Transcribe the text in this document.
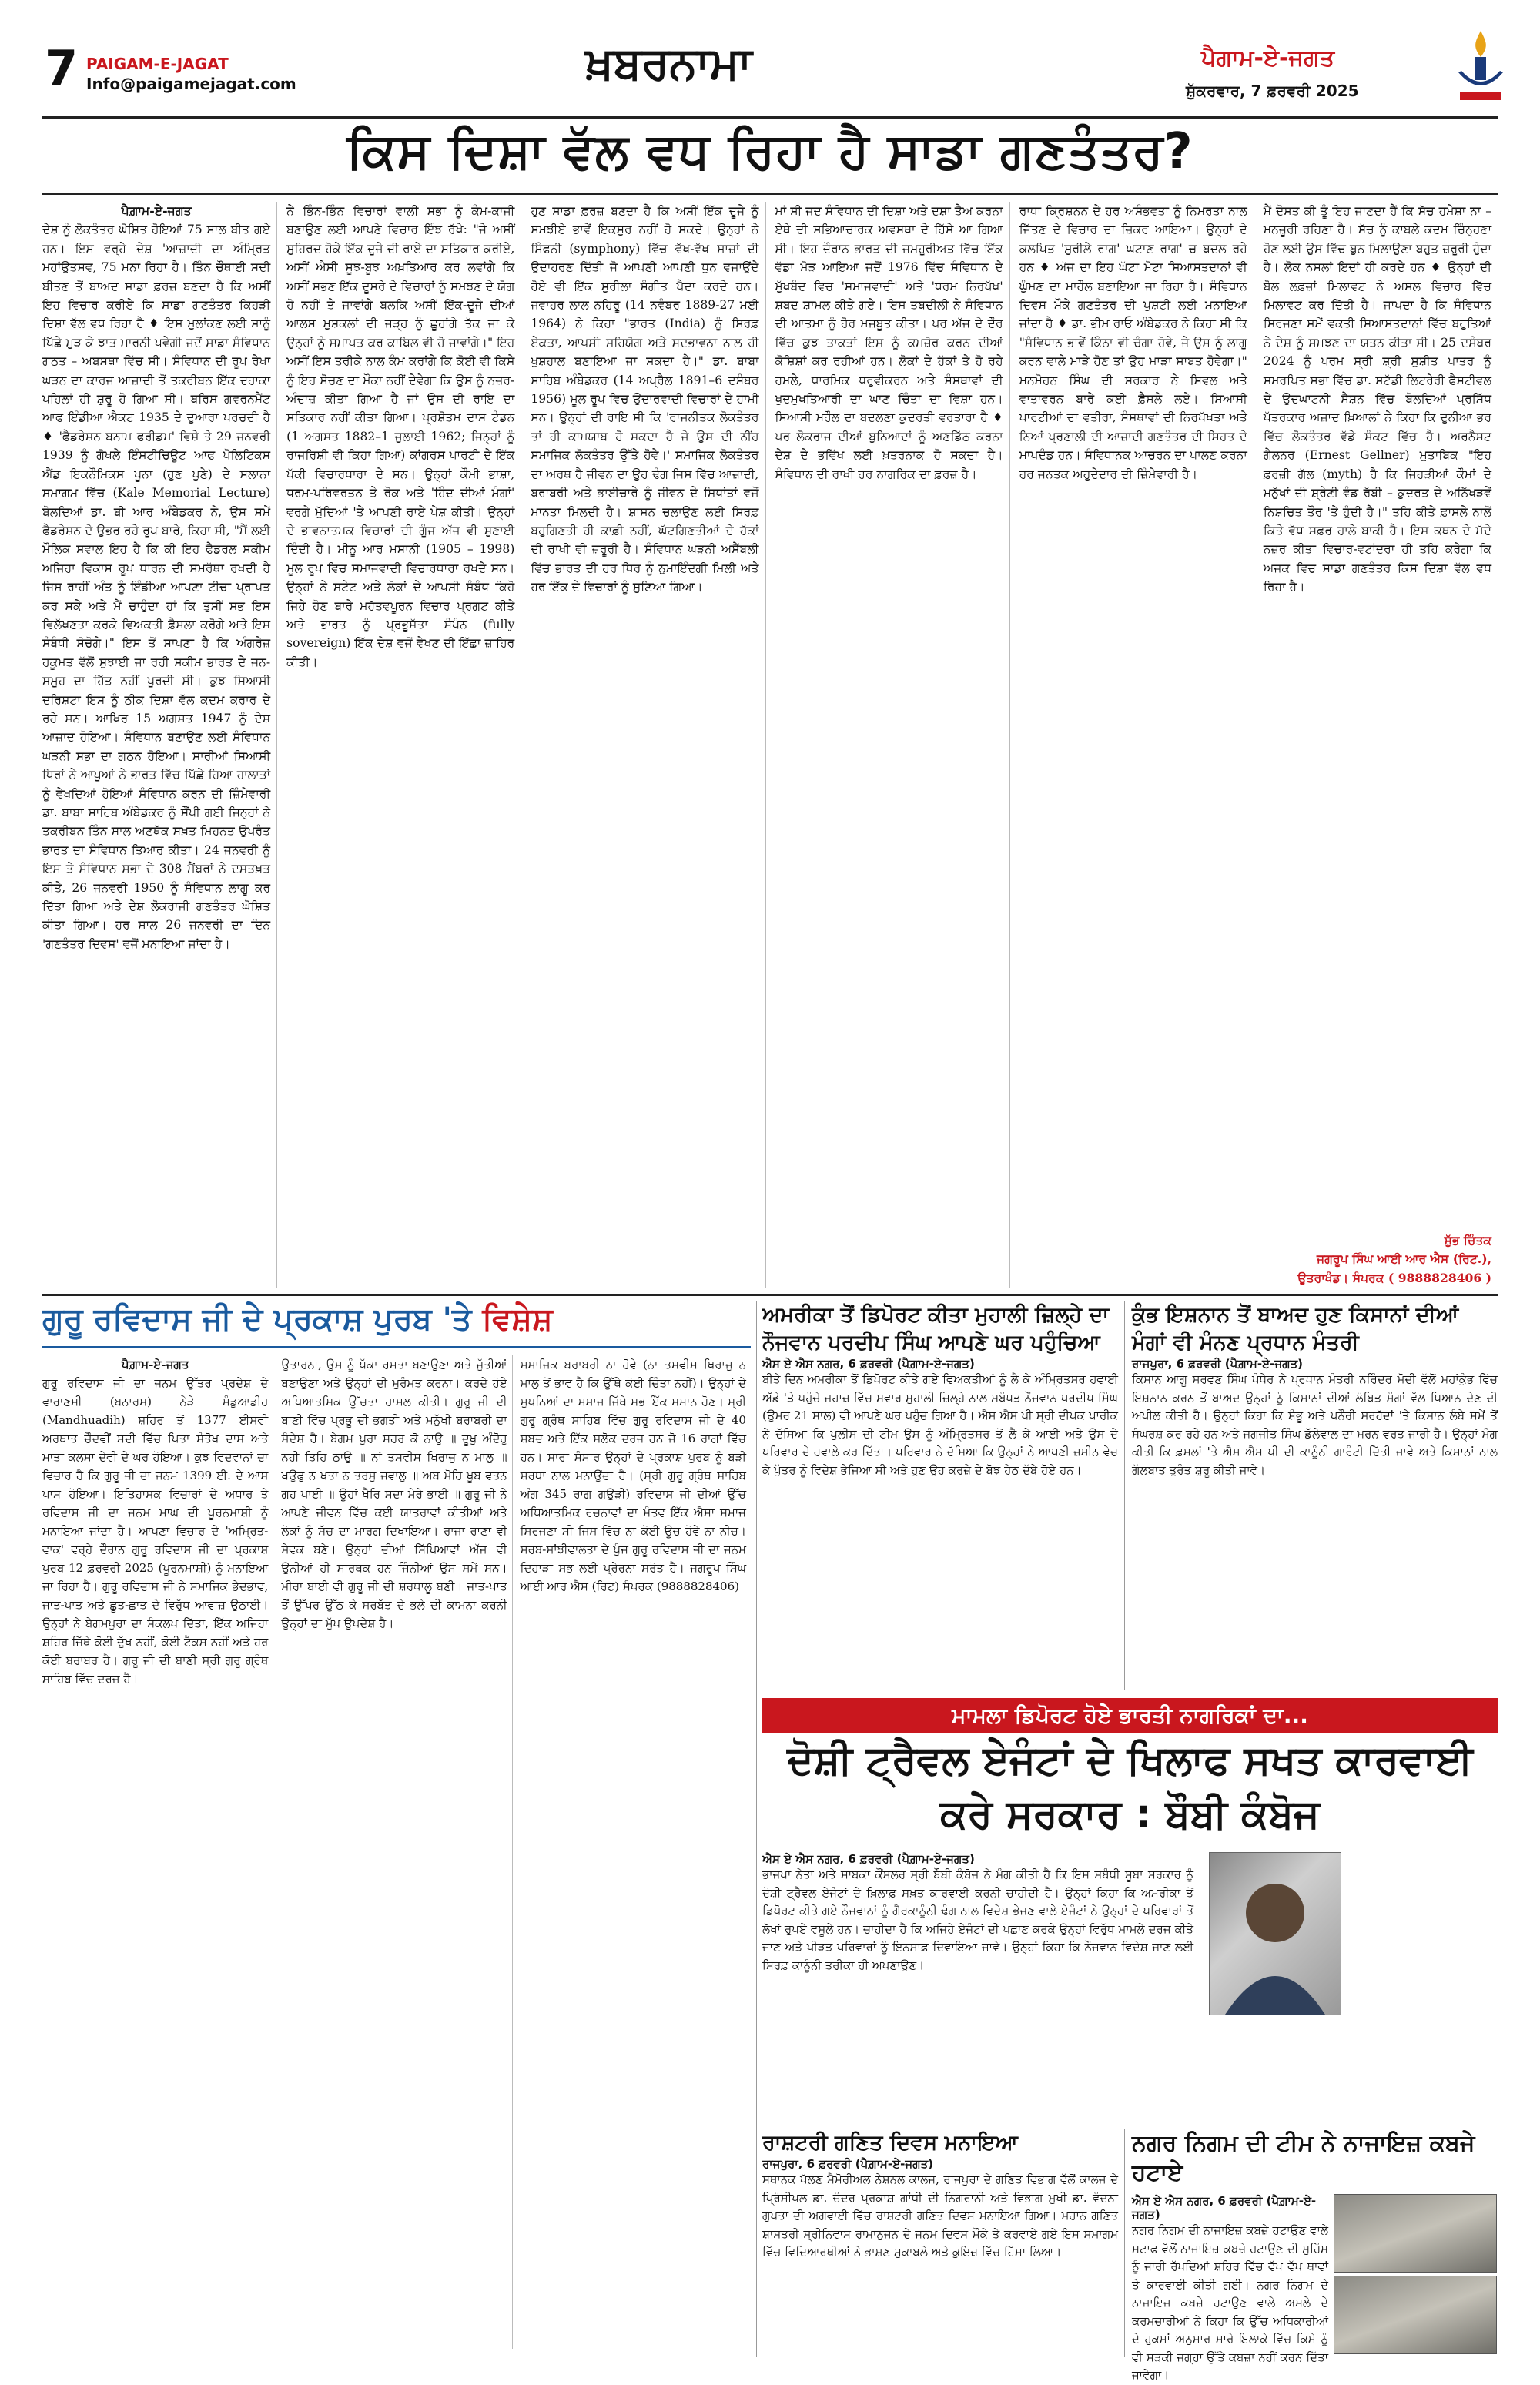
7 PAIGAM-E-JAGAT
Info@paigamejagat.com	ਖ਼ਬਰਨਾਮਾ	ਪੈਗਾਮ-ਏ-ਜਗਤ
ਸ਼ੁੱਕਰਵਾਰ, 7 ਫ਼ਰਵਰੀ 2025
ਕਿਸ ਦਿਸ਼ਾ ਵੱਲ ਵਧ ਰਿਹਾ ਹੈ ਸਾਡਾ ਗਣਤੰਤਰ?
ਪੈਗ਼ਾਮ-ਏ-ਜਗਤ
ਦੇਸ਼ ਨੂੰ ਲੋਕਤੰਤਰ ਘੋਸ਼ਿਤ ਹੋਇਆਂ 75 ਸਾਲ ਬੀਤ ਗਏ ਹਨ। ਇਸ ਵਰ੍ਹੇ ਦੇਸ਼ 'ਆਜ਼ਾਦੀ ਦਾ ਅੰਮ੍ਰਿਤ ਮਹਾਂਉਤਸਵ, 75 ਮਨਾ ਰਿਹਾ ਹੈ। ਤਿੰਨ ਚੌਥਾਈ ਸਦੀ ਬੀਤਣ ਤੋਂ ਬਾਅਦ ਸਾਡਾ ਫ਼ਰਜ਼ ਬਣਦਾ ਹੈ ਕਿ ਅਸੀਂ ਇਹ ਵਿਚਾਰ ਕਰੀਏ ਕਿ ਸਾਡਾ ਗਣਤੰਤਰ ਕਿਹੜੀ ਦਿਸ਼ਾ ਵੱਲ ਵਧ ਰਿਹਾ ਹੈ ♦ ਇਸ ਮੁਲਾਂਕਣ ਲਈ ਸਾਨੂੰ ਪਿੱਛੇ ਮੁੜ ਕੇ ਝਾਤ ਮਾਰਨੀ ਪਵੇਗੀ ਜਦੋਂ ਸਾਡਾ ਸੰਵਿਧਾਨ ਗਠਤ – ਅਬਸਥਾ ਵਿੱਚ ਸੀ। ਸੰਵਿਧਾਨ ਦੀ ਰੂਪ ਰੇਖਾ ਘੜਨ ਦਾ ਕਾਰਜ ਆਜ਼ਾਦੀ ਤੋਂ ਤਕਰੀਬਨ ਇੱਕ ਦਹਾਕਾ ਪਹਿਲਾਂ ਹੀ ਸ਼ੁਰੂ ਹੋ ਗਿਆ ਸੀ। ਬਰਿਸ ਗਵਰਨਮੈਂਟ ਆਫ ਇੰਡੀਆ ਐਕਟ 1935 ਦੇ ਦੁਆਰਾ ਪਰਚਦੀ ਹੈ ♦ 'ਫੈਡਰੇਸ਼ਨ ਬਨਾਮ ਫਰੀਡਮ' ਵਿਸ਼ੇ ਤੇ 29 ਜਨਵਰੀ 1939 ਨੂੰ ਗੋਖਲੇ ਇੰਸਟੀਚਿਊਟ ਆਫ ਪੋਲਿਟਿਕਸ ਐਂਡ ਇਕਨੌਮਿਕਸ ਪੂਨਾ (ਹੁਣ ਪੁਣੇ) ਦੇ ਸਲਾਨਾ ਸਮਾਗਮ ਵਿੱਚ (Kale Memorial Lecture) ਬੋਲਦਿਆਂ ਡਾ. ਬੀ ਆਰ ਅੰਬੇਡਕਰ ਨੇ, ਉਸ ਸਮੇਂ ਫੈਡਰੇਸ਼ਨ ਦੇ ਉਭਰ ਰਹੇ ਰੂਪ ਬਾਰੇ, ਕਿਹਾ ਸੀ, "ਮੈਂ ਲਈ ਮੌਲਿਕ ਸਵਾਲ ਇਹ ਹੈ ਕਿ ਕੀ ਇਹ ਫੈਡਰਲ ਸਕੀਮ ਅਜਿਹਾ ਵਿਕਾਸ ਰੂਪ ਧਾਰਨ ਦੀ ਸਮਰੱਥਾ ਰਖਦੀ ਹੈ ਜਿਸ ਰਾਹੀਂ ਅੰਤ ਨੂੰ ਇੰਡੀਆ ਆਪਣਾ ਟੀਚਾ ਪ੍ਰਾਪਤ ਕਰ ਸਕੇ ਅਤੇ ਮੈਂ ਚਾਹੁੰਦਾ ਹਾਂ ਕਿ ਤੁਸੀਂ ਸਭ ਇਸ ਵਿਲੱਖਣਤਾ ਕਰਕੇ ਵਿਅਕਤੀ ਫ਼ੈਸਲਾ ਕਰੋਗੇ ਅਤੇ ਇਸ ਸੰਬੰਧੀ ਸੋਚੋਗੇ।" ਇਸ ਤੋਂ ਸਾਪਣਾ ਹੈ ਕਿ ਅੰਗਰੇਜ਼ ਹਕੂਮਤ ਵੱਲੋਂ ਸੁਝਾਈ ਜਾ ਰਹੀ ਸਕੀਮ ਭਾਰਤ ਦੇ ਜਨ-ਸਮੂਹ ਦਾ ਹਿੱਤ ਨਹੀਂ ਪੂਰਦੀ ਸੀ। ਕੁਝ ਸਿਆਸੀ ਦਰਿਸ਼ਟਾ ਇਸ ਨੂੰ ਠੀਕ ਦਿਸ਼ਾ ਵੱਲ ਕਦਮ ਕਰਾਰ ਦੇ ਰਹੇ ਸਨ। ਆਖਿਰ 15 ਅਗਸਤ 1947 ਨੂੰ ਦੇਸ਼ ਆਜ਼ਾਦ ਹੋਇਆ। ਸੰਵਿਧਾਨ ਬਣਾਉਣ ਲਈ ਸੰਵਿਧਾਨ ਘੜਨੀ ਸਭਾ ਦਾ ਗਠਨ ਹੋਇਆ। ਸਾਰੀਆਂ ਸਿਆਸੀ ਧਿਰਾਂ ਨੇ ਆਪੂਆਂ ਨੇ ਭਾਰਤ ਵਿੱਚ ਪਿੱਛੇ ਹਿਆ ਹਾਲਾਤਾਂ ਨੂੰ ਵੇਖਦਿਆਂ ਹੋਇਆਂ ਸੰਵਿਧਾਨ ਕਰਨ ਦੀ ਜ਼ਿੰਮੇਵਾਰੀ ਡਾ. ਬਾਬਾ ਸਾਹਿਬ ਅੰਬੇਡਕਰ ਨੂੰ ਸੌਂਪੀ ਗਈ ਜਿਨ੍ਹਾਂ ਨੇ ਤਕਰੀਬਨ ਤਿੰਨ ਸਾਲ ਅਣਥੱਕ ਸਖ਼ਤ ਮਿਹਨਤ ਉਪਰੰਤ ਭਾਰਤ ਦਾ ਸੰਵਿਧਾਨ ਤਿਆਰ ਕੀਤਾ। 24 ਜਨਵਰੀ ਨੂੰ ਇਸ ਤੇ ਸੰਵਿਧਾਨ ਸਭਾ ਦੇ 308 ਮੈਂਬਰਾਂ ਨੇ ਦਸਤਖ਼ਤ ਕੀਤੇ, 26 ਜਨਵਰੀ 1950 ਨੂੰ ਸੰਵਿਧਾਨ ਲਾਗੂ ਕਰ ਦਿੱਤਾ ਗਿਆ ਅਤੇ ਦੇਸ਼ ਲੋਕਰਾਜੀ ਗਣਤੰਤਰ ਘੋਸ਼ਿਤ ਕੀਤਾ ਗਿਆ। ਹਰ ਸਾਲ 26 ਜਨਵਰੀ ਦਾ ਦਿਨ 'ਗਣਤੰਤਰ ਦਿਵਸ' ਵਜੋਂ ਮਨਾਇਆ ਜਾਂਦਾ ਹੈ।
ਨੇ ਭਿੰਨ-ਭਿੰਨ ਵਿਚਾਰਾਂ ਵਾਲੀ ਸਭਾ ਨੂੰ ਕੰਮ-ਕਾਜੀ ਬਣਾਉਣ ਲਈ ਆਪਣੇ ਵਿਚਾਰ ਇੰਝ ਰੱਖੇ: "ਜੇ ਅਸੀਂ ਸੁਹਿਰਦ ਹੋਕੇ ਇੱਕ ਦੂਜੇ ਦੀ ਰਾਏ ਦਾ ਸਤਿਕਾਰ ਕਰੀਏ, ਅਸੀਂ ਐਸੀ ਸੂਝ-ਬੂਝ ਅਖ਼ਤਿਆਰ ਕਰ ਲਵਾਂਗੇ ਕਿ ਅਸੀਂ ਸਭਣ ਇੱਕ ਦੂਸਰੇ ਦੇ ਵਿਚਾਰਾਂ ਨੂੰ ਸਮਝਣ ਦੇ ਯੋਗ ਹੋ ਨਹੀਂ ਤੇ ਜਾਵਾਂਗੇ ਬਲਕਿ ਅਸੀਂ ਇੱਕ-ਦੂਜੇ ਦੀਆਂ ਆਲਸ ਮੁਸ਼ਕਲਾਂ ਦੀ ਜੜ੍ਹ ਨੂੰ ਛੂਹਾਂਗੇ ਤੱਕ ਜਾ ਕੇ ਉਨ੍ਹਾਂ ਨੂੰ ਸਮਾਪਤ ਕਰ ਕਾਬਿਲ ਵੀ ਹੋ ਜਾਵਾਂਗੇ।" ਇਹ ਅਸੀਂ ਇਸ ਤਰੀਕੇ ਨਾਲ ਕੰਮ ਕਰਾਂਗੇ ਕਿ ਕੋਈ ਵੀ ਕਿਸੇ ਨੂੰ ਇਹ ਸੋਚਣ ਦਾ ਮੌਕਾ ਨਹੀਂ ਦੇਵੇਗਾ ਕਿ ਉਸ ਨੂੰ ਨਜ਼ਰ-ਅੰਦਾਜ਼ ਕੀਤਾ ਗਿਆ ਹੈ ਜਾਂ ਉਸ ਦੀ ਰਾਇ ਦਾ ਸਤਿਕਾਰ ਨਹੀਂ ਕੀਤਾ ਗਿਆ। ਪ੍ਰਸ਼ੋਤਮ ਦਾਸ ਟੰਡਨ (1 ਅਗਸਤ 1882–1 ਜੁਲਾਈ 1962; ਜਿਨ੍ਹਾਂ ਨੂੰ ਰਾਜਰਿਸ਼ੀ ਵੀ ਕਿਹਾ ਗਿਆ) ਕਾਂਗਰਸ ਪਾਰਟੀ ਦੇ ਇੱਕ ਪੱਕੀ ਵਿਚਾਰਧਾਰਾ ਦੇ ਸਨ। ਉਨ੍ਹਾਂ ਕੌਮੀ ਭਾਸ਼ਾ, ਧਰਮ-ਪਰਿਵਰਤਨ ਤੇ ਰੋਕ ਅਤੇ 'ਹਿੰਦ ਦੀਆਂ ਮੰਗਾਂ' ਵਰਗੇ ਮੁੱਦਿਆਂ 'ਤੇ ਆਪਣੀ ਰਾਏ ਪੇਸ਼ ਕੀਤੀ। ਉਨ੍ਹਾਂ ਦੇ ਭਾਵਨਾਤਮਕ ਵਿਚਾਰਾਂ ਦੀ ਗੂੰਜ ਅੱਜ ਵੀ ਸੁਣਾਈ ਦਿੰਦੀ ਹੈ। ਮੀਨੂ ਆਰ ਮਸਾਨੀ (1905 – 1998) ਮੂਲ ਰੂਪ ਵਿਚ ਸਮਾਜਵਾਦੀ ਵਿਚਾਰਧਾਰਾ ਰਖਦੇ ਸਨ। ਉਨ੍ਹਾਂ ਨੇ ਸਟੇਟ ਅਤੇ ਲੋਕਾਂ ਦੇ ਆਪਸੀ ਸੰਬੰਧ ਕਿਹੋ ਜਿਹੇ ਹੋਣ ਬਾਰੇ ਮਹੱਤਵਪੂਰਨ ਵਿਚਾਰ ਪ੍ਰਗਟ ਕੀਤੇ ਅਤੇ ਭਾਰਤ ਨੂੰ ਪ੍ਰਭੂਸੱਤਾ ਸੰਪੰਨ (fully sovereign) ਇੱਕ ਦੇਸ਼ ਵਜੋਂ ਵੇਖਣ ਦੀ ਇੱਛਾ ਜ਼ਾਹਿਰ ਕੀਤੀ।
ਹੁਣ ਸਾਡਾ ਫ਼ਰਜ਼ ਬਣਦਾ ਹੈ ਕਿ ਅਸੀਂ ਇੱਕ ਦੂਜੇ ਨੂੰ ਸਮਝੀਏ ਭਾਵੇਂ ਇਕਸੁਰ ਨਹੀਂ ਹੋ ਸਕਦੇ। ਉਨ੍ਹਾਂ ਨੇ ਸਿੰਫਨੀ (symphony) ਵਿੱਚ ਵੱਖ-ਵੱਖ ਸਾਜ਼ਾਂ ਦੀ ਉਦਾਹਰਣ ਦਿੱਤੀ ਜੋ ਆਪਣੀ ਆਪਣੀ ਧੁਨ ਵਜਾਉਂਦੇ ਹੋਏ ਵੀ ਇੱਕ ਸੁਰੀਲਾ ਸੰਗੀਤ ਪੈਦਾ ਕਰਦੇ ਹਨ। ਜਵਾਹਰ ਲਾਲ ਨਹਿਰੂ (14 ਨਵੰਬਰ 1889-27 ਮਈ 1964) ਨੇ ਕਿਹਾ "ਭਾਰਤ (India) ਨੂੰ ਸਿਰਫ਼ ਏਕਤਾ, ਆਪਸੀ ਸਹਿਯੋਗ ਅਤੇ ਸਦਭਾਵਨਾ ਨਾਲ ਹੀ ਖੁਸ਼ਹਾਲ ਬਣਾਇਆ ਜਾ ਸਕਦਾ ਹੈ।" ਡਾ. ਬਾਬਾ ਸਾਹਿਬ ਅੰਬੇਡਕਰ (14 ਅਪ੍ਰੈਲ 1891–6 ਦਸੰਬਰ 1956) ਮੂਲ ਰੂਪ ਵਿਚ ਉਦਾਰਵਾਦੀ ਵਿਚਾਰਾਂ ਦੇ ਹਾਮੀ ਸਨ। ਉਨ੍ਹਾਂ ਦੀ ਰਾਇ ਸੀ ਕਿ 'ਰਾਜਨੀਤਕ ਲੋਕਤੰਤਰ ਤਾਂ ਹੀ ਕਾਮਯਾਬ ਹੋ ਸਕਦਾ ਹੈ ਜੇ ਉਸ ਦੀ ਨੀਂਹ ਸਮਾਜਿਕ ਲੋਕਤੰਤਰ ਉੱਤੇ ਹੋਵੇ।' ਸਮਾਜਿਕ ਲੋਕਤੰਤਰ ਦਾ ਅਰਥ ਹੈ ਜੀਵਨ ਦਾ ਉਹ ਢੰਗ ਜਿਸ ਵਿੱਚ ਆਜ਼ਾਦੀ, ਬਰਾਬਰੀ ਅਤੇ ਭਾਈਚਾਰੇ ਨੂੰ ਜੀਵਨ ਦੇ ਸਿਧਾਂਤਾਂ ਵਜੋਂ ਮਾਨਤਾ ਮਿਲਦੀ ਹੈ। ਸ਼ਾਸਨ ਚਲਾਉਣ ਲਈ ਸਿਰਫ਼ ਬਹੁਗਿਣਤੀ ਹੀ ਕਾਫ਼ੀ ਨਹੀਂ, ਘੱਟਗਿਣਤੀਆਂ ਦੇ ਹੱਕਾਂ ਦੀ ਰਾਖੀ ਵੀ ਜ਼ਰੂਰੀ ਹੈ। ਸੰਵਿਧਾਨ ਘੜਨੀ ਅਸੈਂਬਲੀ ਵਿੱਚ ਭਾਰਤ ਦੀ ਹਰ ਧਿਰ ਨੂੰ ਨੁਮਾਇੰਦਗੀ ਮਿਲੀ ਅਤੇ ਹਰ ਇੱਕ ਦੇ ਵਿਚਾਰਾਂ ਨੂੰ ਸੁਣਿਆ ਗਿਆ।
ਮਾਂ ਸੀ ਜਦ ਸੰਵਿਧਾਨ ਦੀ ਦਿਸ਼ਾ ਅਤੇ ਦਸ਼ਾ ਤੈਅ ਕਰਨਾ ਏਥੇ ਦੀ ਸਭਿਆਚਾਰਕ ਅਵਸਥਾ ਦੇ ਹਿੱਸੇ ਆ ਗਿਆ ਸੀ। ਇਹ ਦੌਰਾਨ ਭਾਰਤ ਦੀ ਜਮਹੂਰੀਅਤ ਵਿੱਚ ਇੱਕ ਵੱਡਾ ਮੋੜ ਆਇਆ ਜਦੋਂ 1976 ਵਿੱਚ ਸੰਵਿਧਾਨ ਦੇ ਮੁੱਖਬੰਦ ਵਿਚ 'ਸਮਾਜਵਾਦੀ' ਅਤੇ 'ਧਰਮ ਨਿਰਪੱਖ' ਸ਼ਬਦ ਸ਼ਾਮਲ ਕੀਤੇ ਗਏ। ਇਸ ਤਬਦੀਲੀ ਨੇ ਸੰਵਿਧਾਨ ਦੀ ਆਤਮਾ ਨੂੰ ਹੋਰ ਮਜ਼ਬੂਤ ਕੀਤਾ। ਪਰ ਅੱਜ ਦੇ ਦੌਰ ਵਿੱਚ ਕੁਝ ਤਾਕਤਾਂ ਇਸ ਨੂੰ ਕਮਜ਼ੋਰ ਕਰਨ ਦੀਆਂ ਕੋਸ਼ਿਸ਼ਾਂ ਕਰ ਰਹੀਆਂ ਹਨ। ਲੋਕਾਂ ਦੇ ਹੱਕਾਂ ਤੇ ਹੋ ਰਹੇ ਹਮਲੇ, ਧਾਰਮਿਕ ਧਰੁਵੀਕਰਨ ਅਤੇ ਸੰਸਥਾਵਾਂ ਦੀ ਖੁਦਮੁਖਤਿਆਰੀ ਦਾ ਘਾਣ ਚਿੰਤਾ ਦਾ ਵਿਸ਼ਾ ਹਨ। ਸਿਆਸੀ ਮਹੌਲ ਦਾ ਬਦਲਣਾ ਕੁਦਰਤੀ ਵਰਤਾਰਾ ਹੈ ♦ ਪਰ ਲੋਕਰਾਜ ਦੀਆਂ ਬੁਨਿਆਦਾਂ ਨੂੰ ਅਣਡਿੱਠ ਕਰਨਾ ਦੇਸ਼ ਦੇ ਭਵਿੱਖ ਲਈ ਖ਼ਤਰਨਾਕ ਹੋ ਸਕਦਾ ਹੈ। ਸੰਵਿਧਾਨ ਦੀ ਰਾਖੀ ਹਰ ਨਾਗਰਿਕ ਦਾ ਫ਼ਰਜ਼ ਹੈ।
ਰਾਧਾ ਕ੍ਰਿਸ਼ਨਨ ਦੇ ਹਰ ਅਸੰਭਵਤਾ ਨੂੰ ਨਿਮਰਤਾ ਨਾਲ ਜਿੱਤਣ ਦੇ ਵਿਚਾਰ ਦਾ ਜ਼ਿਕਰ ਆਇਆ। ਉਨ੍ਹਾਂ ਦੇ ਕਲਪਿਤ 'ਸੁਰੀਲੇ ਰਾਗ' ਘਟਾਣ ਰਾਗ' ਚ ਬਦਲ ਰਹੇ ਹਨ ♦ ਅੱਜ ਦਾ ਇਹ ਘੱਟਾ ਮੋਟਾ ਸਿਆਸਤਦਾਨਾਂ ਵੀ ਘੁੰਮਣ ਦਾ ਮਾਹੌਲ ਬਣਾਇਆ ਜਾ ਰਿਹਾ ਹੈ। ਸੰਵਿਧਾਨ ਦਿਵਸ ਮੌਕੇ ਗਣਤੰਤਰ ਦੀ ਪੁਸ਼ਟੀ ਲਈ ਮਨਾਇਆ ਜਾਂਦਾ ਹੈ ♦ ਡਾ. ਭੀਮ ਰਾਓ ਅੰਬੇਡਕਰ ਨੇ ਕਿਹਾ ਸੀ ਕਿ "ਸੰਵਿਧਾਨ ਭਾਵੇਂ ਕਿੰਨਾ ਵੀ ਚੰਗਾ ਹੋਵੇ, ਜੇ ਉਸ ਨੂੰ ਲਾਗੂ ਕਰਨ ਵਾਲੇ ਮਾੜੇ ਹੋਣ ਤਾਂ ਉਹ ਮਾੜਾ ਸਾਬਤ ਹੋਵੇਗਾ।" ਮਨਮੋਹਨ ਸਿੰਘ ਦੀ ਸਰਕਾਰ ਨੇ ਸਿਵਲ ਅਤੇ ਵਾਤਾਵਰਨ ਬਾਰੇ ਕਈ ਫ਼ੈਸਲੇ ਲਏ। ਸਿਆਸੀ ਪਾਰਟੀਆਂ ਦਾ ਵਤੀਰਾ, ਸੰਸਥਾਵਾਂ ਦੀ ਨਿਰਪੱਖਤਾ ਅਤੇ ਨਿਆਂ ਪ੍ਰਣਾਲੀ ਦੀ ਆਜ਼ਾਦੀ ਗਣਤੰਤਰ ਦੀ ਸਿਹਤ ਦੇ ਮਾਪਦੰਡ ਹਨ। ਸੰਵਿਧਾਨਕ ਆਚਰਨ ਦਾ ਪਾਲਣ ਕਰਨਾ ਹਰ ਜਨਤਕ ਅਹੁਦੇਦਾਰ ਦੀ ਜ਼ਿੰਮੇਵਾਰੀ ਹੈ।
ਮੈਂ ਦੋਸਤ ਕੀ ਤੂੰ ਇਹ ਜਾਣਦਾ ਹੈਂ ਕਿ ਸੱਚ ਹਮੇਸ਼ਾ ਨਾ – ਮਨਜ਼ੂਰੀ ਰਹਿਣਾ ਹੈ। ਸੱਚ ਨੂੰ ਕਾਬਲੇ ਕਦਮ ਚਿੰਨ੍ਹਣਾ ਹੋਣ ਲਈ ਉਸ ਵਿੱਚ ਬੁਨ ਮਿਲਾਉਣਾ ਬਹੁਤ ਜ਼ਰੂਰੀ ਹੁੰਦਾ ਹੈ। ਲੋਕ ਨਸਲਾਂ ਇਦਾਂ ਹੀ ਕਰਦੇ ਹਨ ♦ ਉਨ੍ਹਾਂ ਦੀ ਬੋਲ ਲਫ਼ਜ਼ਾਂ ਮਿਲਾਵਟ ਨੇ ਅਸਲ ਵਿਚਾਰ ਵਿੱਚ ਮਿਲਾਵਟ ਕਰ ਦਿੱਤੀ ਹੈ। ਜਾਪਦਾ ਹੈ ਕਿ ਸੰਵਿਧਾਨ ਸਿਰਜਣਾ ਸਮੇਂ ਵਕਤੀ ਸਿਆਸਤਦਾਨਾਂ ਵਿੱਚ ਬਹੁਤਿਆਂ ਨੇ ਦੇਸ਼ ਨੂੰ ਸਮਝਣ ਦਾ ਯਤਨ ਕੀਤਾ ਸੀ। 25 ਦਸੰਬਰ 2024 ਨੂੰ ਪਰਮ ਸ੍ਰੀ ਸ਼੍ਰੀ ਸੁਸ਼ੀਤ ਪਾਤਰ ਨੂੰ ਸਮਰਪਿਤ ਸਭਾ ਵਿੱਚ ਡਾ. ਸਟੱਡੀ ਲਿਟਰੇਰੀ ਫੈਸਟੀਵਲ ਦੇ ਉਦਘਾਟਨੀ ਸੈਸ਼ਨ ਵਿੱਚ ਬੋਲਦਿਆਂ ਪ੍ਰਸਿੱਧ ਪੱਤਰਕਾਰ ਅਜ਼ਾਦ ਖ਼ਿਆਲਾਂ ਨੇ ਕਿਹਾ ਕਿ ਦੁਨੀਆ ਭਰ ਵਿੱਚ ਲੋਕਤੰਤਰ ਵੱਡੇ ਸੰਕਟ ਵਿੱਚ ਹੈ। ਅਰਨੈਸਟ ਗੈਲਨਰ (Ernest Gellner) ਮੁਤਾਬਿਕ "ਇਹ ਫ਼ਰਜ਼ੀ ਗੱਲ (myth) ਹੈ ਕਿ ਜਿਹੜੀਆਂ ਕੌਮਾਂ ਦੇ ਮਨੁੱਖਾਂ ਦੀ ਸ਼੍ਰੇਣੀ ਵੰਡ ਰੱਬੀ – ਕੁਦਰਤ ਦੇ ਅਨਿੱਖੜਵੇਂ ਨਿਸ਼ਚਿਤ ਤੌਰ 'ਤੇ ਹੁੰਦੀ ਹੈ।" ਤਹਿ ਕੀਤੇ ਫ਼ਾਸਲੇ ਨਾਲੋਂ ਕਿਤੇ ਵੱਧ ਸਫ਼ਰ ਹਾਲੇ ਬਾਕੀ ਹੈ। ਇਸ ਕਥਨ ਦੇ ਮੱਦੇ ਨਜ਼ਰ ਕੀਤਾ ਵਿਚਾਰ-ਵਟਾਂਦਰਾ ਹੀ ਤਹਿ ਕਰੇਗਾ ਕਿ ਅਜਕ ਵਿਚ ਸਾਡਾ ਗਣਤੰਤਰ ਕਿਸ ਦਿਸ਼ਾ ਵੱਲ ਵਧ ਰਿਹਾ ਹੈ।
ਸ਼ੁੱਭ ਚਿੰਤਕ
ਜਗਰੂਪ ਸਿੰਘ ਆਈ ਆਰ ਐਸ (ਰਿਟ.), ਉਤਰਾਖੰਡ। ਸੰਪਰਕ ( 9888828406 )
ਗੁਰੂ ਰਵਿਦਾਸ ਜੀ ਦੇ ਪ੍ਰਕਾਸ਼ ਪੁਰਬ 'ਤੇ ਵਿਸ਼ੇਸ਼
ਪੈਗ਼ਾਮ-ਏ-ਜਗਤ
ਗੁਰੂ ਰਵਿਦਾਸ ਜੀ ਦਾ ਜਨਮ ਉੱਤਰ ਪ੍ਰਦੇਸ਼ ਦੇ ਵਾਰਾਣਸੀ (ਬਨਾਰਸ) ਨੇੜੇ ਮੰਡੁਆਡੀਹ (Mandhuadih) ਸ਼ਹਿਰ ਤੋਂ 1377 ਈਸਵੀ ਅਰਥਾਤ ਚੌਦਵੀਂ ਸਦੀ ਵਿੱਚ ਪਿਤਾ ਸੰਤੋਖ ਦਾਸ ਅਤੇ ਮਾਤਾ ਕਲਸਾ ਦੇਵੀ ਦੇ ਘਰ ਹੋਇਆ। ਕੁਝ ਵਿਦਵਾਨਾਂ ਦਾ ਵਿਚਾਰ ਹੈ ਕਿ ਗੁਰੂ ਜੀ ਦਾ ਜਨਮ 1399 ਈ. ਦੇ ਆਸ ਪਾਸ ਹੋਇਆ। ਇਤਿਹਾਸਕ ਵਿਚਾਰਾਂ ਦੇ ਅਧਾਰ ਤੇ ਰਵਿਦਾਸ ਜੀ ਦਾ ਜਨਮ ਮਾਘ ਦੀ ਪੂਰਨਮਾਸ਼ੀ ਨੂੰ ਮਨਾਇਆ ਜਾਂਦਾ ਹੈ। ਆਪਣਾ ਵਿਚਾਰ ਦੇ 'ਅਮ੍ਰਿਤ-ਵਾਕ' ਵਰ੍ਹੇ ਦੌਰਾਨ ਗੁਰੂ ਰਵਿਦਾਸ ਜੀ ਦਾ ਪ੍ਰਕਾਸ਼ ਪੁਰਬ 12 ਫ਼ਰਵਰੀ 2025 (ਪੂਰਨਮਾਸ਼ੀ) ਨੂੰ ਮਨਾਇਆ ਜਾ ਰਿਹਾ ਹੈ। ਗੁਰੂ ਰਵਿਦਾਸ ਜੀ ਨੇ ਸਮਾਜਿਕ ਭੇਦਭਾਵ, ਜਾਤ-ਪਾਤ ਅਤੇ ਛੂਤ-ਛਾਤ ਦੇ ਵਿਰੁੱਧ ਆਵਾਜ਼ ਉਠਾਈ। ਉਨ੍ਹਾਂ ਨੇ ਬੇਗਮਪੁਰਾ ਦਾ ਸੰਕਲਪ ਦਿੱਤਾ, ਇੱਕ ਅਜਿਹਾ ਸ਼ਹਿਰ ਜਿੱਥੇ ਕੋਈ ਦੁੱਖ ਨਹੀਂ, ਕੋਈ ਟੈਕਸ ਨਹੀਂ ਅਤੇ ਹਰ ਕੋਈ ਬਰਾਬਰ ਹੈ। ਗੁਰੂ ਜੀ ਦੀ ਬਾਣੀ ਸ੍ਰੀ ਗੁਰੂ ਗ੍ਰੰਥ ਸਾਹਿਬ ਵਿੱਚ ਦਰਜ ਹੈ।
ਉਤਾਰਨਾ, ਉਸ ਨੂੰ ਪੱਕਾ ਰਸਤਾ ਬਣਾਉਣਾ ਅਤੇ ਜੁੱਤੀਆਂ ਬਣਾਉਣਾ ਅਤੇ ਉਨ੍ਹਾਂ ਦੀ ਮੁਰੰਮਤ ਕਰਨਾ। ਕਰਦੇ ਹੋਏ ਅਧਿਆਤਮਿਕ ਉੱਚਤਾ ਹਾਸਲ ਕੀਤੀ। ਗੁਰੂ ਜੀ ਦੀ ਬਾਣੀ ਵਿੱਚ ਪ੍ਰਭੂ ਦੀ ਭਗਤੀ ਅਤੇ ਮਨੁੱਖੀ ਬਰਾਬਰੀ ਦਾ ਸੰਦੇਸ਼ ਹੈ। ਬੇਗਮ ਪੁਰਾ ਸਹਰ ਕੋ ਨਾਉ ॥ ਦੂਖੁ ਅੰਦੋਹੁ ਨਹੀ ਤਿਹਿ ਠਾਉ ॥ ਨਾਂ ਤਸਵੀਸ ਖਿਰਾਜੁ ਨ ਮਾਲੁ ॥ ਖਉਫੁ ਨ ਖਤਾ ਨ ਤਰਸੁ ਜਵਾਲੁ ॥ ਅਬ ਮੋਹਿ ਖੂਬ ਵਤਨ ਗਹ ਪਾਈ ॥ ਊਹਾਂ ਖੈਰਿ ਸਦਾ ਮੇਰੇ ਭਾਈ ॥ ਗੁਰੂ ਜੀ ਨੇ ਆਪਣੇ ਜੀਵਨ ਵਿੱਚ ਕਈ ਯਾਤਰਾਵਾਂ ਕੀਤੀਆਂ ਅਤੇ ਲੋਕਾਂ ਨੂੰ ਸੱਚ ਦਾ ਮਾਰਗ ਦਿਖਾਇਆ। ਰਾਜਾ ਰਾਣਾ ਵੀ ਸੇਵਕ ਬਣੇ। ਉਨ੍ਹਾਂ ਦੀਆਂ ਸਿੱਖਿਆਵਾਂ ਅੱਜ ਵੀ ਉਨੀਆਂ ਹੀ ਸਾਰਥਕ ਹਨ ਜਿੰਨੀਆਂ ਉਸ ਸਮੇਂ ਸਨ। ਮੀਰਾ ਬਾਈ ਵੀ ਗੁਰੂ ਜੀ ਦੀ ਸ਼ਰਧਾਲੂ ਬਣੀ। ਜਾਤ-ਪਾਤ ਤੋਂ ਉੱਪਰ ਉੱਠ ਕੇ ਸਰਬੱਤ ਦੇ ਭਲੇ ਦੀ ਕਾਮਨਾ ਕਰਨੀ ਉਨ੍ਹਾਂ ਦਾ ਮੁੱਖ ਉਪਦੇਸ਼ ਹੈ।
ਸਮਾਜਿਕ ਬਰਾਬਰੀ ਨਾ ਹੋਵੇ (ਨਾ ਤਸਵੀਸ ਖਿਰਾਜੁ ਨ ਮਾਲੁ ਤੋਂ ਭਾਵ ਹੈ ਕਿ ਉੱਥੇ ਕੋਈ ਚਿੰਤਾ ਨਹੀਂ)। ਉਨ੍ਹਾਂ ਦੇ ਸੁਪਨਿਆਂ ਦਾ ਸਮਾਜ ਜਿੱਥੇ ਸਭ ਇੱਕ ਸਮਾਨ ਹੋਣ। ਸ੍ਰੀ ਗੁਰੂ ਗ੍ਰੰਥ ਸਾਹਿਬ ਵਿੱਚ ਗੁਰੂ ਰਵਿਦਾਸ ਜੀ ਦੇ 40 ਸ਼ਬਦ ਅਤੇ ਇੱਕ ਸਲੋਕ ਦਰਜ ਹਨ ਜੋ 16 ਰਾਗਾਂ ਵਿੱਚ ਹਨ। ਸਾਰਾ ਸੰਸਾਰ ਉਨ੍ਹਾਂ ਦੇ ਪ੍ਰਕਾਸ਼ ਪੁਰਬ ਨੂੰ ਬੜੀ ਸ਼ਰਧਾ ਨਾਲ ਮਨਾਉਂਦਾ ਹੈ। (ਸ੍ਰੀ ਗੁਰੂ ਗ੍ਰੰਥ ਸਾਹਿਬ ਅੰਗ 345 ਰਾਗ ਗਉੜੀ) ਰਵਿਦਾਸ ਜੀ ਦੀਆਂ ਉੱਚ ਅਧਿਆਤਮਿਕ ਰਚਨਾਵਾਂ ਦਾ ਮੰਤਵ ਇੱਕ ਐਸਾ ਸਮਾਜ ਸਿਰਜਣਾ ਸੀ ਜਿਸ ਵਿੱਚ ਨਾ ਕੋਈ ਊਚ ਹੋਵੇ ਨਾ ਨੀਚ। ਸਰਬ-ਸਾਂਝੀਵਾਲਤਾ ਦੇ ਪੁੰਜ ਗੁਰੂ ਰਵਿਦਾਸ ਜੀ ਦਾ ਜਨਮ ਦਿਹਾੜਾ ਸਭ ਲਈ ਪ੍ਰੇਰਨਾ ਸਰੋਤ ਹੈ। ਜਗਰੂਪ ਸਿੰਘ ਆਈ ਆਰ ਐਸ (ਰਿਟ) ਸੰਪਰਕ (9888828406)
ਅਮਰੀਕਾ ਤੋਂ ਡਿਪੋਰਟ ਕੀਤਾ ਮੁਹਾਲੀ ਜ਼ਿਲ੍ਹੇ ਦਾ ਨੌਜਵਾਨ ਪਰਦੀਪ ਸਿੰਘ ਆਪਣੇ ਘਰ ਪਹੁੰਚਿਆ
ਐਸ ਏ ਐਸ ਨਗਰ, 6 ਫ਼ਰਵਰੀ (ਪੈਗ਼ਾਮ-ਏ-ਜਗਤ)
ਬੀਤੇ ਦਿਨ ਅਮਰੀਕਾ ਤੋਂ ਡਿਪੋਰਟ ਕੀਤੇ ਗਏ ਵਿਅਕਤੀਆਂ ਨੂੰ ਲੈ ਕੇ ਅੰਮ੍ਰਿਤਸਰ ਹਵਾਈ ਅੱਡੇ 'ਤੇ ਪਹੁੰਚੇ ਜਹਾਜ਼ ਵਿੱਚ ਸਵਾਰ ਮੁਹਾਲੀ ਜ਼ਿਲ੍ਹੇ ਨਾਲ ਸਬੰਧਤ ਨੌਜਵਾਨ ਪਰਦੀਪ ਸਿੰਘ (ਉਮਰ 21 ਸਾਲ) ਵੀ ਆਪਣੇ ਘਰ ਪਹੁੰਚ ਗਿਆ ਹੈ। ਐਸ ਐਸ ਪੀ ਸ੍ਰੀ ਦੀਪਕ ਪਾਰੀਕ ਨੇ ਦੱਸਿਆ ਕਿ ਪੁਲੀਸ ਦੀ ਟੀਮ ਉਸ ਨੂੰ ਅੰਮ੍ਰਿਤਸਰ ਤੋਂ ਲੈ ਕੇ ਆਈ ਅਤੇ ਉਸ ਦੇ ਪਰਿਵਾਰ ਦੇ ਹਵਾਲੇ ਕਰ ਦਿੱਤਾ। ਪਰਿਵਾਰ ਨੇ ਦੱਸਿਆ ਕਿ ਉਨ੍ਹਾਂ ਨੇ ਆਪਣੀ ਜ਼ਮੀਨ ਵੇਚ ਕੇ ਪੁੱਤਰ ਨੂੰ ਵਿਦੇਸ਼ ਭੇਜਿਆ ਸੀ ਅਤੇ ਹੁਣ ਉਹ ਕਰਜ਼ੇ ਦੇ ਬੋਝ ਹੇਠ ਦੱਬੇ ਹੋਏ ਹਨ।
ਕੁੰਭ ਇਸ਼ਨਾਨ ਤੋਂ ਬਾਅਦ ਹੁਣ ਕਿਸਾਨਾਂ ਦੀਆਂ ਮੰਗਾਂ ਵੀ ਮੰਨਣ ਪ੍ਰਧਾਨ ਮੰਤਰੀ
ਰਾਜਪੁਰਾ, 6 ਫ਼ਰਵਰੀ (ਪੈਗ਼ਾਮ-ਏ-ਜਗਤ)
ਕਿਸਾਨ ਆਗੂ ਸਰਵਣ ਸਿੰਘ ਪੰਧੇਰ ਨੇ ਪ੍ਰਧਾਨ ਮੰਤਰੀ ਨਰਿੰਦਰ ਮੋਦੀ ਵੱਲੋਂ ਮਹਾਂਕੁੰਭ ਵਿੱਚ ਇਸ਼ਨਾਨ ਕਰਨ ਤੋਂ ਬਾਅਦ ਉਨ੍ਹਾਂ ਨੂੰ ਕਿਸਾਨਾਂ ਦੀਆਂ ਲੰਬਿਤ ਮੰਗਾਂ ਵੱਲ ਧਿਆਨ ਦੇਣ ਦੀ ਅਪੀਲ ਕੀਤੀ ਹੈ। ਉਨ੍ਹਾਂ ਕਿਹਾ ਕਿ ਸ਼ੰਭੂ ਅਤੇ ਖਨੌਰੀ ਸਰਹੱਦਾਂ 'ਤੇ ਕਿਸਾਨ ਲੰਬੇ ਸਮੇਂ ਤੋਂ ਸੰਘਰਸ਼ ਕਰ ਰਹੇ ਹਨ ਅਤੇ ਜਗਜੀਤ ਸਿੰਘ ਡੱਲੇਵਾਲ ਦਾ ਮਰਨ ਵਰਤ ਜਾਰੀ ਹੈ। ਉਨ੍ਹਾਂ ਮੰਗ ਕੀਤੀ ਕਿ ਫ਼ਸਲਾਂ 'ਤੇ ਐਮ ਐਸ ਪੀ ਦੀ ਕਾਨੂੰਨੀ ਗਾਰੰਟੀ ਦਿੱਤੀ ਜਾਵੇ ਅਤੇ ਕਿਸਾਨਾਂ ਨਾਲ ਗੱਲਬਾਤ ਤੁਰੰਤ ਸ਼ੁਰੂ ਕੀਤੀ ਜਾਵੇ।
ਮਾਮਲਾ ਡਿਪੋਰਟ ਹੋਏ ਭਾਰਤੀ ਨਾਗਰਿਕਾਂ ਦਾ...
ਦੋਸ਼ੀ ਟ੍ਰੈਵਲ ਏਜੰਟਾਂ ਦੇ ਖਿਲਾਫ ਸਖਤ ਕਾਰਵਾਈ ਕਰੇ ਸਰਕਾਰ : ਬੌਬੀ ਕੰਬੋਜ
ਐਸ ਏ ਐਸ ਨਗਰ, 6 ਫ਼ਰਵਰੀ (ਪੈਗ਼ਾਮ-ਏ-ਜਗਤ)
ਭਾਜਪਾ ਨੇਤਾ ਅਤੇ ਸਾਬਕਾ ਕੌਂਸਲਰ ਸ੍ਰੀ ਬੌਬੀ ਕੰਬੋਜ ਨੇ ਮੰਗ ਕੀਤੀ ਹੈ ਕਿ ਇਸ ਸਬੰਧੀ ਸੂਬਾ ਸਰਕਾਰ ਨੂੰ ਦੋਸ਼ੀ ਟ੍ਰੈਵਲ ਏਜੰਟਾਂ ਦੇ ਖ਼ਿਲਾਫ਼ ਸਖ਼ਤ ਕਾਰਵਾਈ ਕਰਨੀ ਚਾਹੀਦੀ ਹੈ। ਉਨ੍ਹਾਂ ਕਿਹਾ ਕਿ ਅਮਰੀਕਾ ਤੋਂ ਡਿਪੋਰਟ ਕੀਤੇ ਗਏ ਨੌਜਵਾਨਾਂ ਨੂੰ ਗੈਰਕਾਨੂੰਨੀ ਢੰਗ ਨਾਲ ਵਿਦੇਸ਼ ਭੇਜਣ ਵਾਲੇ ਏਜੰਟਾਂ ਨੇ ਉਨ੍ਹਾਂ ਦੇ ਪਰਿਵਾਰਾਂ ਤੋਂ ਲੱਖਾਂ ਰੁਪਏ ਵਸੂਲੇ ਹਨ। ਚਾਹੀਦਾ ਹੈ ਕਿ ਅਜਿਹੇ ਏਜੰਟਾਂ ਦੀ ਪਛਾਣ ਕਰਕੇ ਉਨ੍ਹਾਂ ਵਿਰੁੱਧ ਮਾਮਲੇ ਦਰਜ ਕੀਤੇ ਜਾਣ ਅਤੇ ਪੀੜਤ ਪਰਿਵਾਰਾਂ ਨੂੰ ਇਨਸਾਫ਼ ਦਿਵਾਇਆ ਜਾਵੇ। ਉਨ੍ਹਾਂ ਕਿਹਾ ਕਿ ਨੌਜਵਾਨ ਵਿਦੇਸ਼ ਜਾਣ ਲਈ ਸਿਰਫ਼ ਕਾਨੂੰਨੀ ਤਰੀਕਾ ਹੀ ਅਪਣਾਉਣ।
ਰਾਸ਼ਟਰੀ ਗਣਿਤ ਦਿਵਸ ਮਨਾਇਆ
ਰਾਜਪੁਰਾ, 6 ਫ਼ਰਵਰੀ (ਪੈਗ਼ਾਮ-ਏ-ਜਗਤ)
ਸਥਾਨਕ ਪੱਲਣ ਮੈਮੋਰੀਅਲ ਨੇਸ਼ਨਲ ਕਾਲਜ, ਰਾਜਪੁਰਾ ਦੇ ਗਣਿਤ ਵਿਭਾਗ ਵੱਲੋਂ ਕਾਲਜ ਦੇ ਪ੍ਰਿੰਸੀਪਲ ਡਾ. ਚੰਦਰ ਪ੍ਰਕਾਸ਼ ਗਾਂਧੀ ਦੀ ਨਿਗਰਾਨੀ ਅਤੇ ਵਿਭਾਗ ਮੁਖੀ ਡਾ. ਵੰਦਨਾ ਗੁਪਤਾ ਦੀ ਅਗਵਾਈ ਵਿੱਚ ਰਾਸ਼ਟਰੀ ਗਣਿਤ ਦਿਵਸ ਮਨਾਇਆ ਗਿਆ। ਮਹਾਨ ਗਣਿਤ ਸ਼ਾਸਤਰੀ ਸ੍ਰੀਨਿਵਾਸ ਰਾਮਾਨੁਜਨ ਦੇ ਜਨਮ ਦਿਵਸ ਮੌਕੇ ਤੇ ਕਰਵਾਏ ਗਏ ਇਸ ਸਮਾਗਮ ਵਿੱਚ ਵਿਦਿਆਰਥੀਆਂ ਨੇ ਭਾਸ਼ਣ ਮੁਕਾਬਲੇ ਅਤੇ ਕੁਇਜ਼ ਵਿੱਚ ਹਿੱਸਾ ਲਿਆ।
ਨਗਰ ਨਿਗਮ ਦੀ ਟੀਮ ਨੇ ਨਾਜਾਇਜ਼ ਕਬਜੇ ਹਟਾਏ
ਐਸ ਏ ਐਸ ਨਗਰ, 6 ਫ਼ਰਵਰੀ (ਪੈਗ਼ਾਮ-ਏ-ਜਗਤ)
ਨਗਰ ਨਿਗਮ ਦੀ ਨਾਜਾਇਜ਼ ਕਬਜ਼ੇ ਹਟਾਉਣ ਵਾਲੇ ਸਟਾਫ ਵੱਲੋਂ ਨਾਜਾਇਜ਼ ਕਬਜ਼ੇ ਹਟਾਉਣ ਦੀ ਮੁਹਿੰਮ ਨੂੰ ਜਾਰੀ ਰੱਖਦਿਆਂ ਸ਼ਹਿਰ ਵਿੱਚ ਵੱਖ ਵੱਖ ਥਾਵਾਂ ਤੇ ਕਾਰਵਾਈ ਕੀਤੀ ਗਈ। ਨਗਰ ਨਿਗਮ ਦੇ ਨਾਜਾਇਜ਼ ਕਬਜ਼ੇ ਹਟਾਉਣ ਵਾਲੇ ਅਮਲੇ ਦੇ ਕਰਮਚਾਰੀਆਂ ਨੇ ਕਿਹਾ ਕਿ ਉੱਚ ਅਧਿਕਾਰੀਆਂ ਦੇ ਹੁਕਮਾਂ ਅਨੁਸਾਰ ਸਾਰੇ ਇਲਾਕੇ ਵਿੱਚ ਕਿਸੇ ਨੂੰ ਵੀ ਸੜਕੀ ਜਗ੍ਹਾ ਉੱਤੇ ਕਬਜ਼ਾ ਨਹੀਂ ਕਰਨ ਦਿੱਤਾ ਜਾਵੇਗਾ।
